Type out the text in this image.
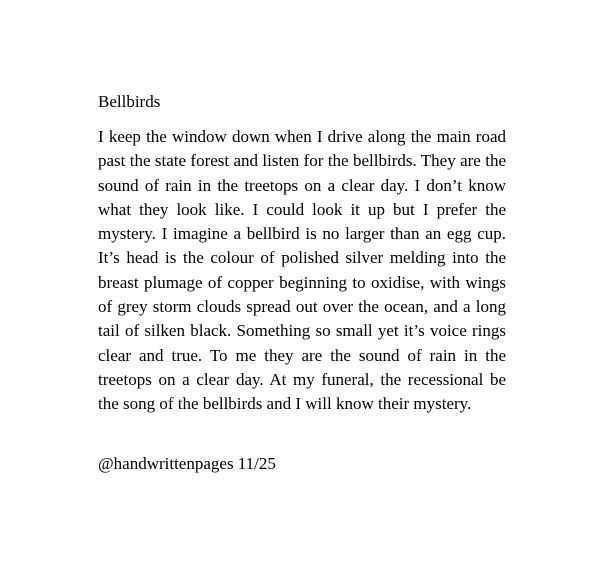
Bellbirds

I keep the window down when I drive along the main road past the state forest and listen for the bellbirds. They are the sound of rain in the treetops on a clear day. I don’t know what they look like. I could look it up but I prefer the mystery. I imagine a bellbird is no larger than an egg cup. It’s head is the colour of polished silver melding into the breast plumage of copper beginning to oxidise, with wings of grey storm clouds spread out over the ocean, and a long tail of silken black. Something so small yet it’s voice rings clear and true. To me they are the sound of rain in the treetops on a clear day. At my funeral, the recessional be the song of the bellbirds and I will know their mystery.

@handwrittenpages 11/25
